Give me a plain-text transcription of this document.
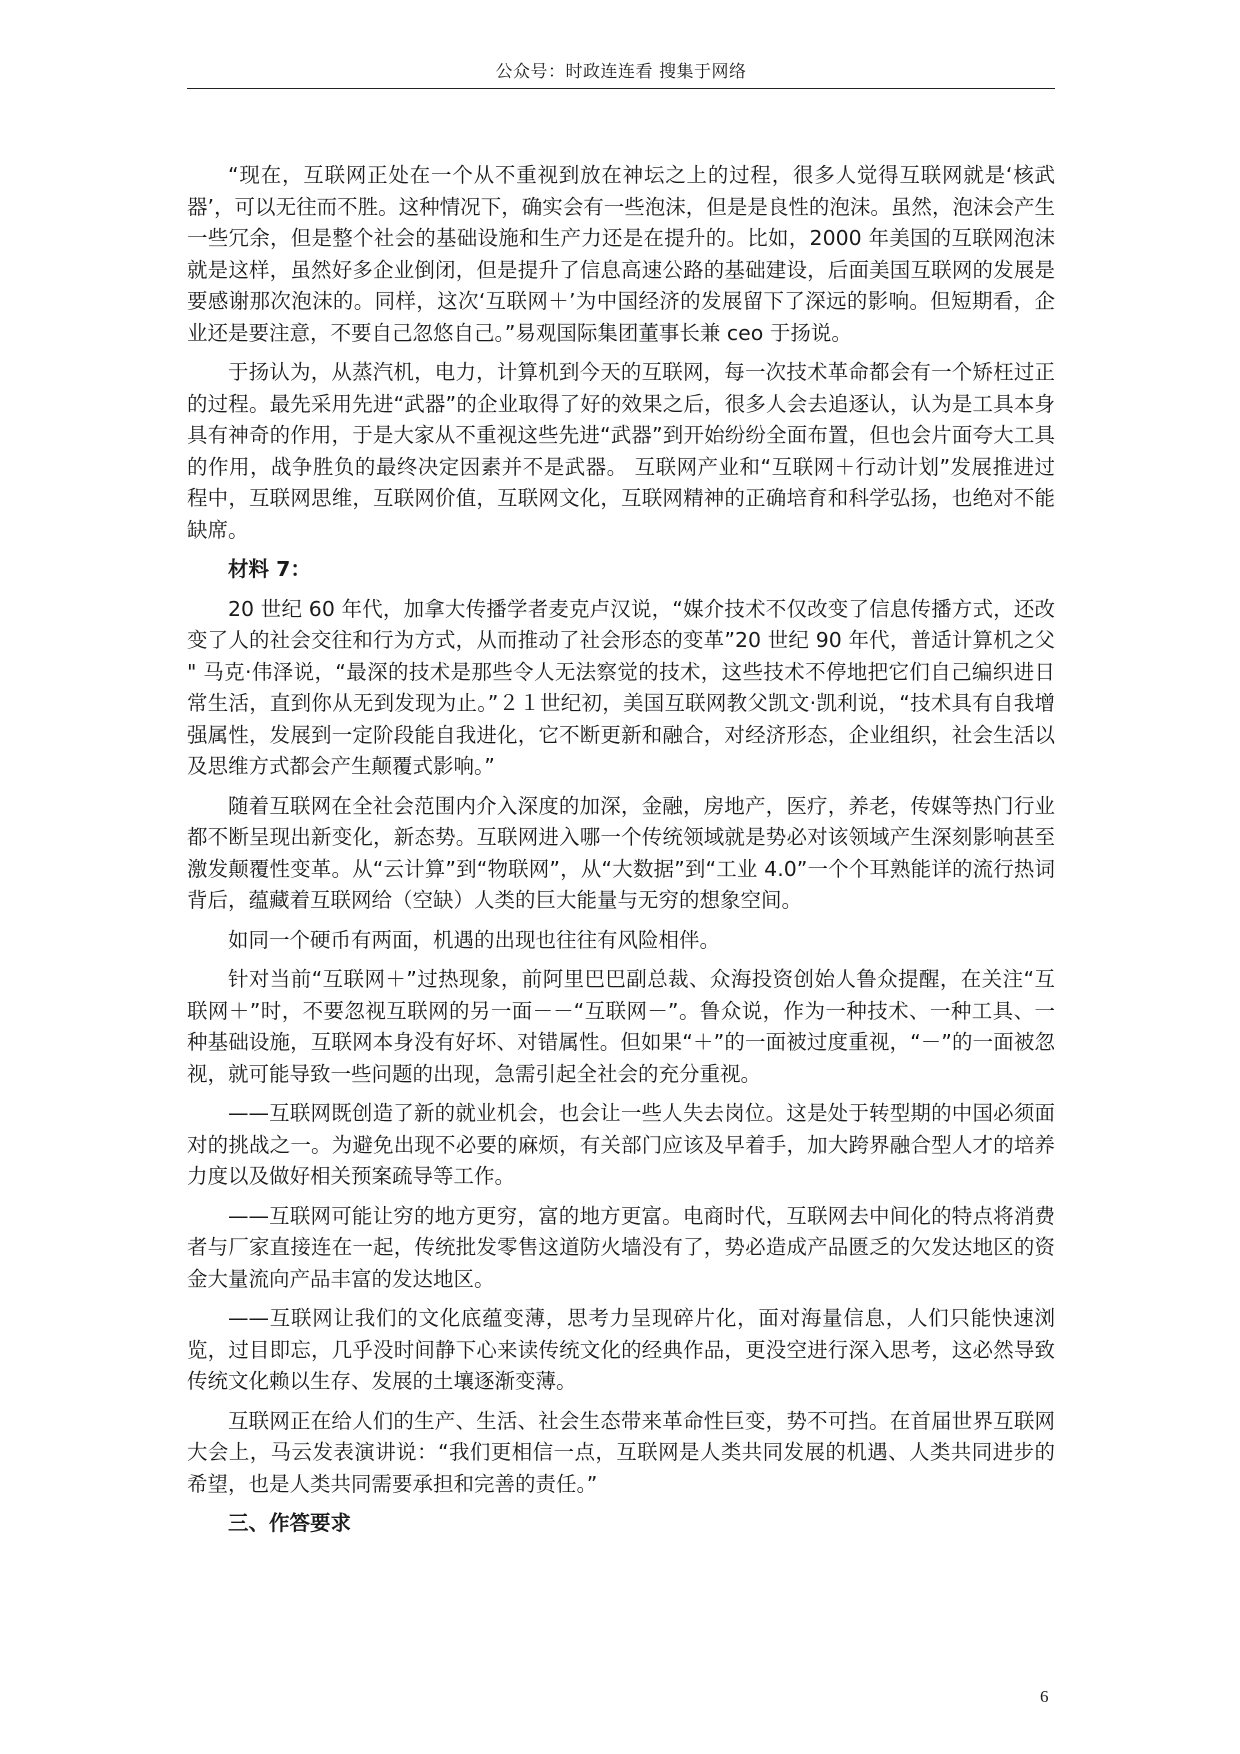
公众号：时政连连看 搜集于网络

“现在，互联网正处在一个从不重视到放在神坛之上的过程，很多人觉得互联网就是‘核武器’，可以无往而不胜。这种情况下，确实会有一些泡沫，但是是良性的泡沫。虽然，泡沫会产生一些冗余，但是整个社会的基础设施和生产力还是在提升的。比如，2000 年美国的互联网泡沫就是这样，虽然好多企业倒闭，但是提升了信息高速公路的基础建设，后面美国互联网的发展是要感谢那次泡沫的。同样，这次‘互联网＋’为中国经济的发展留下了深远的影响。但短期看，企业还是要注意，不要自己忽悠自己。”易观国际集团董事长兼 ceo 于扬说。

于扬认为，从蒸汽机，电力，计算机到今天的互联网，每一次技术革命都会有一个矫枉过正的过程。最先采用先进“武器”的企业取得了好的效果之后，很多人会去追逐认，认为是工具本身具有神奇的作用，于是大家从不重视这些先进“武器”到开始纷纷全面布置，但也会片面夸大工具的作用，战争胜负的最终决定因素并不是武器。 互联网产业和“互联网＋行动计划”发展推进过程中，互联网思维，互联网价值，互联网文化，互联网精神的正确培育和科学弘扬，也绝对不能缺席。

材料 7：

20 世纪 60 年代，加拿大传播学者麦克卢汉说，“媒介技术不仅改变了信息传播方式，还改变了人的社会交往和行为方式，从而推动了社会形态的变革”20 世纪 90 年代，普适计算机之父 " 马克·伟泽说，“最深的技术是那些令人无法察觉的技术，这些技术不停地把它们自己编织进日常生活，直到你从无到发现为止。”２１世纪初，美国互联网教父凯文·凯利说，“技术具有自我增强属性，发展到一定阶段能自我进化，它不断更新和融合，对经济形态，企业组织，社会生活以及思维方式都会产生颠覆式影响。”

随着互联网在全社会范围内介入深度的加深，金融，房地产，医疗，养老，传媒等热门行业都不断呈现出新变化，新态势。互联网进入哪一个传统领域就是势必对该领域产生深刻影响甚至激发颠覆性变革。从“云计算”到“物联网”，从“大数据”到“工业 4.0”一个个耳熟能详的流行热词背后，蕴藏着互联网给（空缺）人类的巨大能量与无穷的想象空间。

如同一个硬币有两面，机遇的出现也往往有风险相伴。

针对当前“互联网＋”过热现象，前阿里巴巴副总裁、众海投资创始人鲁众提醒，在关注“互联网＋”时，不要忽视互联网的另一面－－“互联网－”。鲁众说，作为一种技术、一种工具、一种基础设施，互联网本身没有好坏、对错属性。但如果“＋”的一面被过度重视，“－”的一面被忽视，就可能导致一些问题的出现，急需引起全社会的充分重视。

——互联网既创造了新的就业机会，也会让一些人失去岗位。这是处于转型期的中国必须面对的挑战之一。为避免出现不必要的麻烦，有关部门应该及早着手，加大跨界融合型人才的培养力度以及做好相关预案疏导等工作。

——互联网可能让穷的地方更穷，富的地方更富。电商时代，互联网去中间化的特点将消费者与厂家直接连在一起，传统批发零售这道防火墙没有了，势必造成产品匮乏的欠发达地区的资金大量流向产品丰富的发达地区。

——互联网让我们的文化底蕴变薄，思考力呈现碎片化，面对海量信息，人们只能快速浏览，过目即忘，几乎没时间静下心来读传统文化的经典作品，更没空进行深入思考，这必然导致传统文化赖以生存、发展的土壤逐渐变薄。

互联网正在给人们的生产、生活、社会生态带来革命性巨变，势不可挡。在首届世界互联网大会上，马云发表演讲说：“我们更相信一点，互联网是人类共同发展的机遇、人类共同进步的希望，也是人类共同需要承担和完善的责任。”

三、作答要求

6
